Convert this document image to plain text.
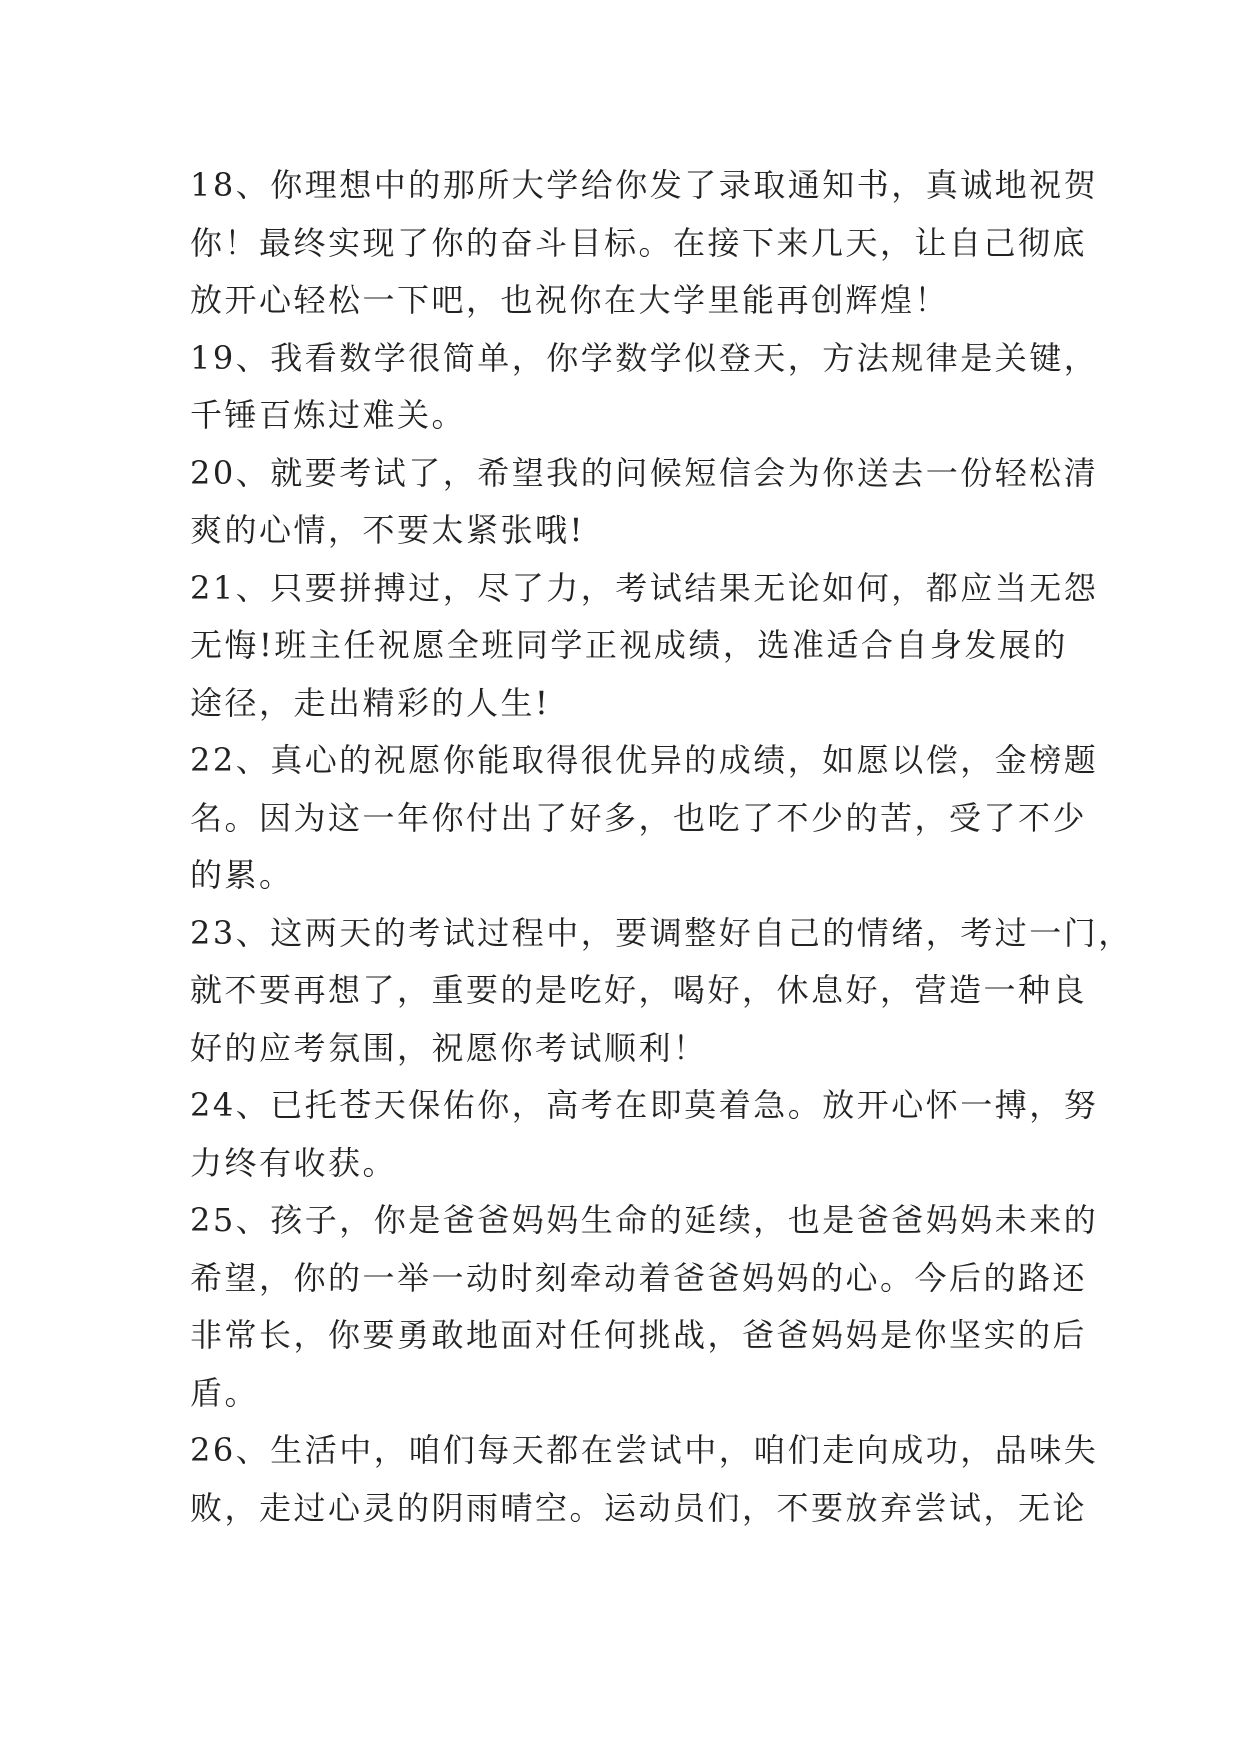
18、你理想中的那所大学给你发了录取通知书，真诚地祝贺
你！最终实现了你的奋斗目标。在接下来几天，让自己彻底
放开心轻松一下吧，也祝你在大学里能再创辉煌！
19、我看数学很简单，你学数学似登天，方法规律是关键，
千锤百炼过难关。
20、就要考试了，希望我的问候短信会为你送去一份轻松清
爽的心情，不要太紧张哦!
21、只要拼搏过，尽了力，考试结果无论如何，都应当无怨
无悔!班主任祝愿全班同学正视成绩，选准适合自身发展的
途径，走出精彩的人生!
22、真心的祝愿你能取得很优异的成绩，如愿以偿，金榜题
名。因为这一年你付出了好多，也吃了不少的苦，受了不少
的累。
23、这两天的考试过程中，要调整好自己的情绪，考过一门，
就不要再想了，重要的是吃好，喝好，休息好，营造一种良
好的应考氛围，祝愿你考试顺利！
24、已托苍天保佑你，高考在即莫着急。放开心怀一搏，努
力终有收获。
25、孩子，你是爸爸妈妈生命的延续，也是爸爸妈妈未来的
希望，你的一举一动时刻牵动着爸爸妈妈的心。今后的路还
非常长，你要勇敢地面对任何挑战，爸爸妈妈是你坚实的后
盾。
26、生活中，咱们每天都在尝试中，咱们走向成功，品味失
败，走过心灵的阴雨晴空。运动员们，不要放弃尝试，无论
